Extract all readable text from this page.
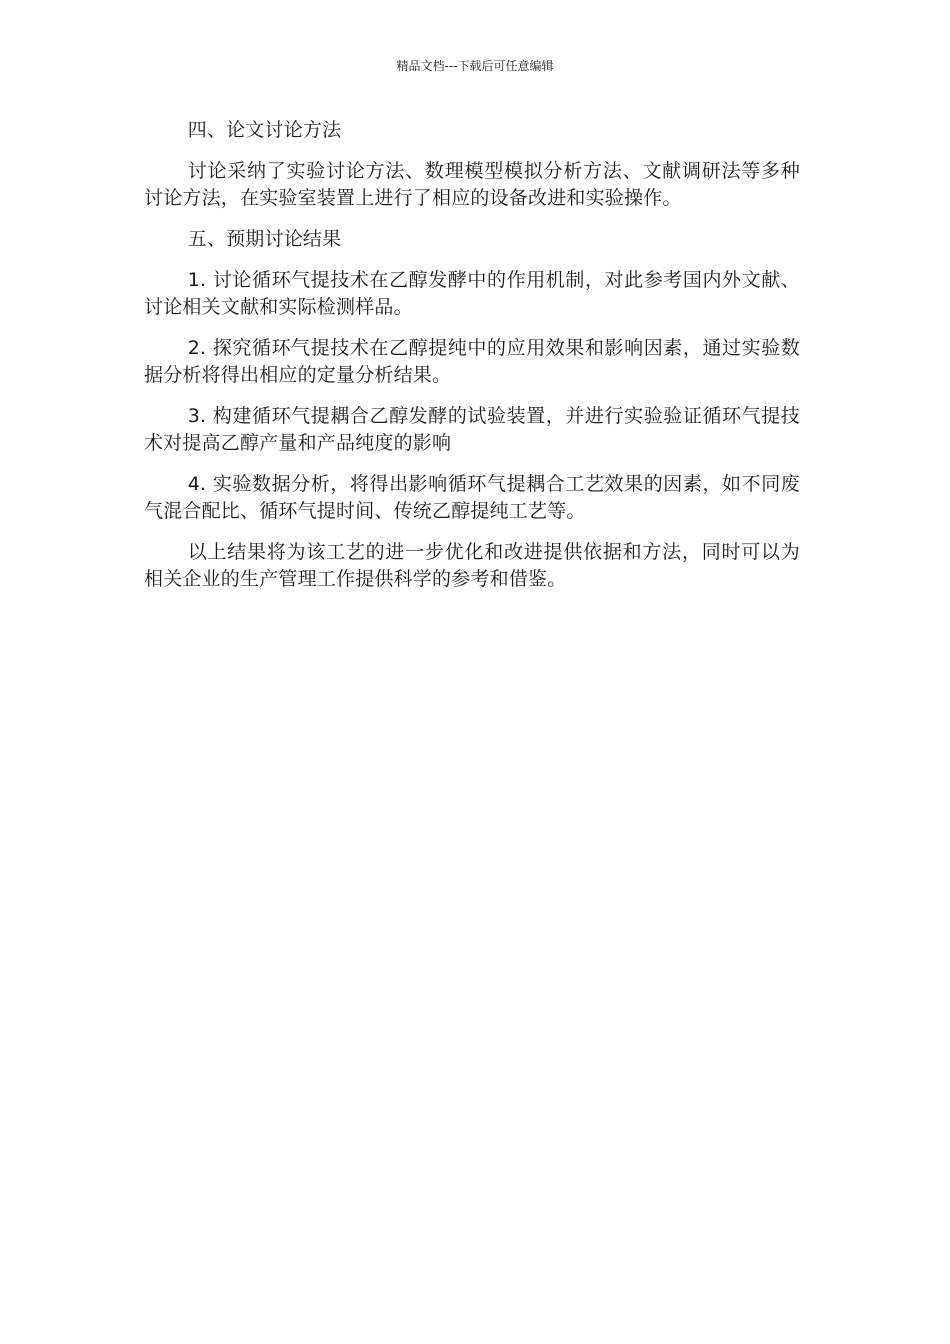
精品文档---下载后可任意编辑

四、论文讨论方法

讨论采纳了实验讨论方法、数理模型模拟分析方法、文献调研法等多种讨论方法，在实验室装置上进行了相应的设备改进和实验操作。

五、预期讨论结果

1. 讨论循环气提技术在乙醇发酵中的作用机制，对此参考国内外文献、讨论相关文献和实际检测样品。

2. 探究循环气提技术在乙醇提纯中的应用效果和影响因素，通过实验数据分析将得出相应的定量分析结果。

3. 构建循环气提耦合乙醇发酵的试验装置，并进行实验验证循环气提技术对提高乙醇产量和产品纯度的影响

4. 实验数据分析，将得出影响循环气提耦合工艺效果的因素，如不同废气混合配比、循环气提时间、传统乙醇提纯工艺等。

以上结果将为该工艺的进一步优化和改进提供依据和方法，同时可以为相关企业的生产管理工作提供科学的参考和借鉴。
